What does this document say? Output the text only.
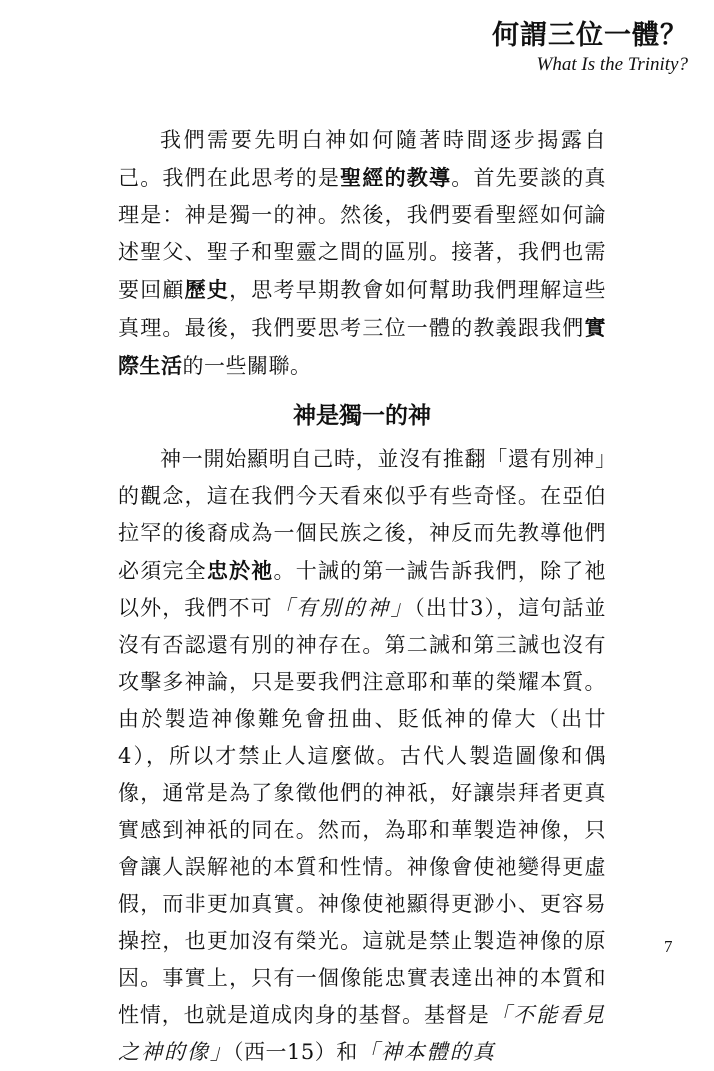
何謂三位一體？
What Is the Trinity?

我們需要先明白神如何隨著時間逐步揭露自己。我們在此思考的是聖經的教導。首先要談的真理是：神是獨一的神。然後，我們要看聖經如何論述聖父、聖子和聖靈之間的區別。接著，我們也需要回顧歷史，思考早期教會如何幫助我們理解這些真理。最後，我們要思考三位一體的教義跟我們實際生活的一些關聯。

神是獨一的神

神一開始顯明自己時，並沒有推翻「還有別神」的觀念，這在我們今天看來似乎有些奇怪。在亞伯拉罕的後裔成為一個民族之後，神反而先教導他們必須完全忠於祂。十誡的第一誡告訴我們，除了祂以外，我們不可「有別的神」（出廿3），這句話並沒有否認還有別的神存在。第二誡和第三誡也沒有攻擊多神論，只是要我們注意耶和華的榮耀本質。由於製造神像難免會扭曲、貶低神的偉大（出廿4），所以才禁止人這麼做。古代人製造圖像和偶像，通常是為了象徵他們的神祇，好讓崇拜者更真實感到神祇的同在。然而，為耶和華製造神像，只會讓人誤解祂的本質和性情。神像會使祂變得更虛假，而非更加真實。神像使祂顯得更渺小、更容易操控，也更加沒有榮光。這就是禁止製造神像的原因。事實上，只有一個像能忠實表達出神的本質和性情，也就是道成肉身的基督。基督是「不能看見之神的像」（西一15）和「神本體的真

7
